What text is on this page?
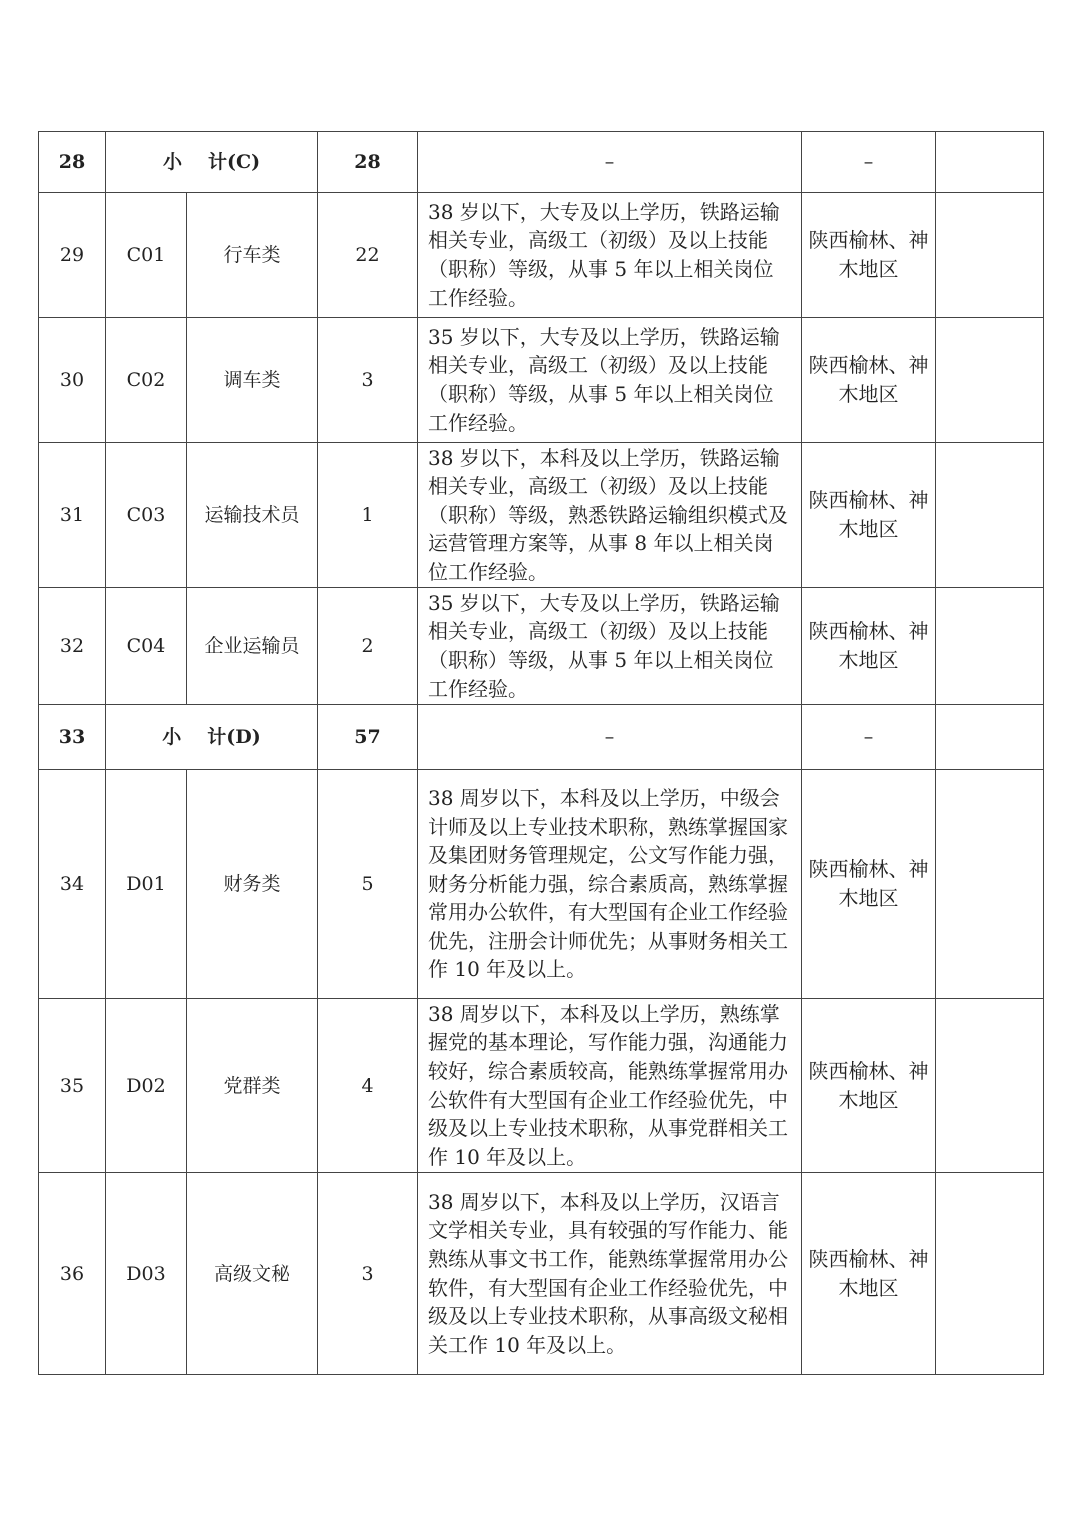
28	小 计(C)		28	–	–	
29	C01	行车类	22	38 岁以下，大专及以上学历，铁路运输相关专业，高级工（初级）及以上技能（职称）等级，从事 5 年以上相关岗位工作经验。	陕西榆林、神木地区	
30	C02	调车类	3	35 岁以下，大专及以上学历，铁路运输相关专业，高级工（初级）及以上技能（职称）等级，从事 5 年以上相关岗位工作经验。	陕西榆林、神木地区	
31	C03	运输技术员	1	38 岁以下，本科及以上学历，铁路运输相关专业，高级工（初级）及以上技能（职称）等级，熟悉铁路运输组织模式及运营管理方案等，从事 8 年以上相关岗位工作经验。	陕西榆林、神木地区	
32	C04	企业运输员	2	35 岁以下，大专及以上学历，铁路运输相关专业，高级工（初级）及以上技能（职称）等级，从事 5 年以上相关岗位工作经验。	陕西榆林、神木地区	
33	小 计(D)		57	–	–	
34	D01	财务类	5	38 周岁以下，本科及以上学历，中级会计师及以上专业技术职称，熟练掌握国家及集团财务管理规定，公文写作能力强，财务分析能力强，综合素质高，熟练掌握常用办公软件，有大型国有企业工作经验优先，注册会计师优先；从事财务相关工作 10 年及以上。	陕西榆林、神木地区	
35	D02	党群类	4	38 周岁以下，本科及以上学历，熟练掌握党的基本理论，写作能力强，沟通能力较好，综合素质较高，能熟练掌握常用办公软件有大型国有企业工作经验优先，中级及以上专业技术职称，从事党群相关工作 10 年及以上。	陕西榆林、神木地区	
36	D03	高级文秘	3	38 周岁以下，本科及以上学历，汉语言文学相关专业，具有较强的写作能力、能熟练从事文书工作，能熟练掌握常用办公软件，有大型国有企业工作经验优先，中级及以上专业技术职称，从事高级文秘相关工作 10 年及以上。	陕西榆林、神木地区	
